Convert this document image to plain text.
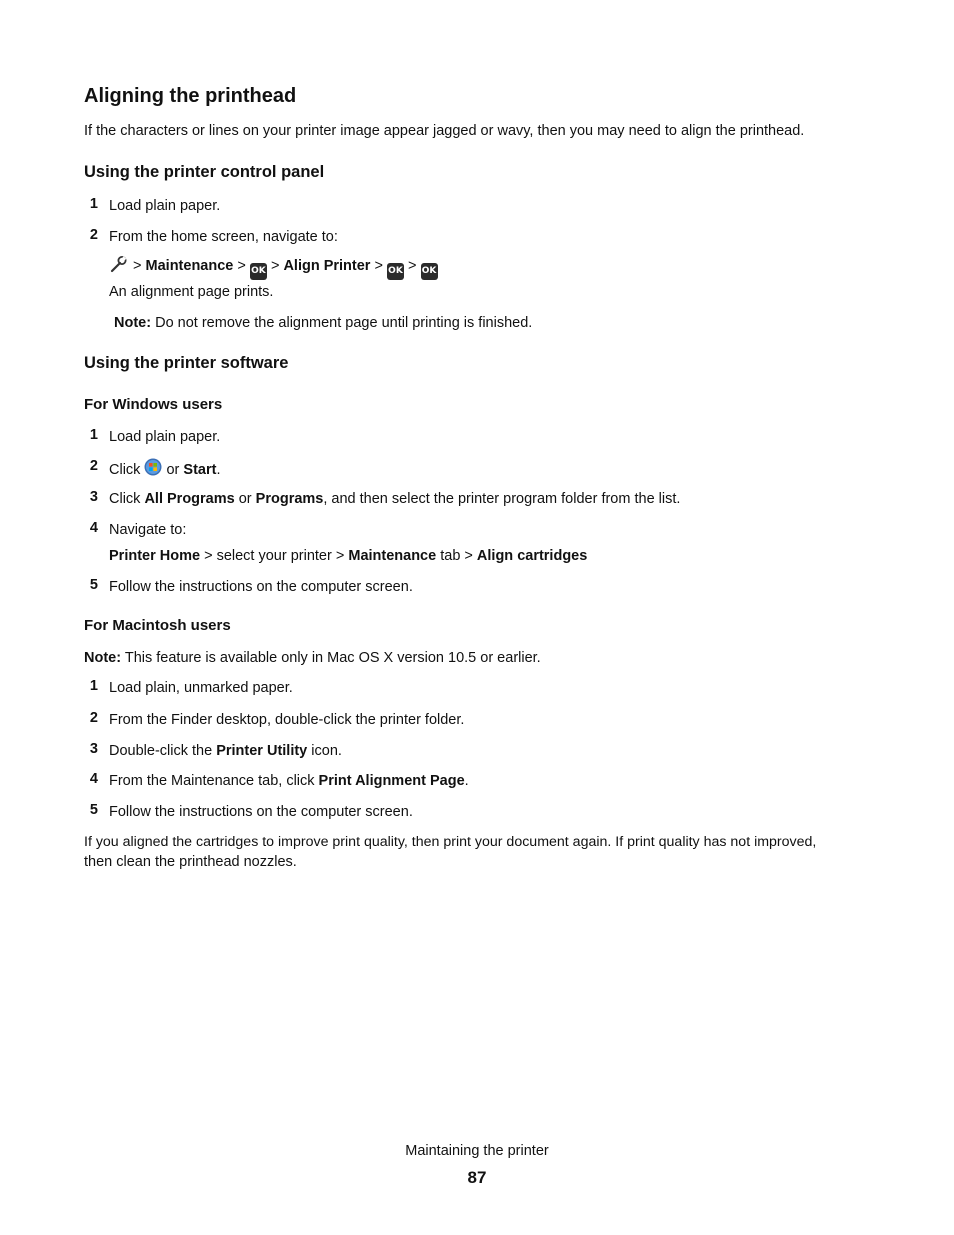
Aligning the printhead
If the characters or lines on your printer image appear jagged or wavy, then you may need to align the printhead.
Using the printer control panel
1 Load plain paper.
2 From the home screen, navigate to:
> Maintenance > OK > Align Printer > OK > OK
An alignment page prints.
Note: Do not remove the alignment page until printing is finished.
Using the printer software
For Windows users
1 Load plain paper.
2 Click or Start.
3 Click All Programs or Programs, and then select the printer program folder from the list.
4 Navigate to:
Printer Home > select your printer > Maintenance tab > Align cartridges
5 Follow the instructions on the computer screen.
For Macintosh users
Note: This feature is available only in Mac OS X version 10.5 or earlier.
1 Load plain, unmarked paper.
2 From the Finder desktop, double-click the printer folder.
3 Double-click the Printer Utility icon.
4 From the Maintenance tab, click Print Alignment Page.
5 Follow the instructions on the computer screen.
If you aligned the cartridges to improve print quality, then print your document again. If print quality has not improved,
then clean the printhead nozzles.
Maintaining the printer
87
